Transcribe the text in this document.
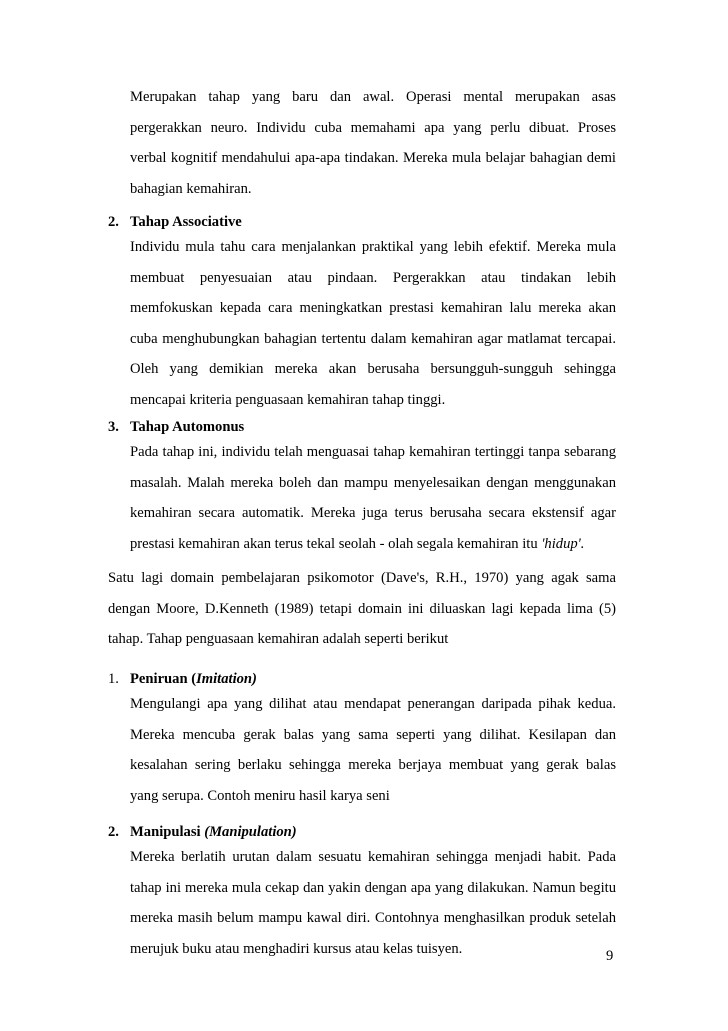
Merupakan tahap yang baru dan awal. Operasi mental merupakan asas
pergerakkan neuro. Individu cuba memahami apa yang perlu dibuat. Proses
verbal kognitif mendahului apa-apa tindakan. Mereka mula belajar bahagian demi
bahagian kemahiran.
2. Tahap Associative
Individu mula tahu cara menjalankan praktikal yang lebih efektif. Mereka mula
membuat penyesuaian atau pindaan. Pergerakkan atau tindakan lebih
memfokuskan kepada cara meningkatkan prestasi kemahiran lalu mereka akan
cuba menghubungkan bahagian tertentu dalam kemahiran agar matlamat tercapai.
Oleh yang demikian mereka akan berusaha bersungguh-sungguh sehingga
mencapai kriteria penguasaan kemahiran tahap tinggi.
3. Tahap Automonus
Pada tahap ini, individu telah menguasai tahap kemahiran tertinggi tanpa sebarang
masalah. Malah mereka boleh dan mampu menyelesaikan dengan menggunakan
kemahiran secara automatik. Mereka juga terus berusaha secara ekstensif agar
prestasi kemahiran akan terus tekal seolah - olah segala kemahiran itu 'hidup'.
Satu lagi domain pembelajaran psikomotor (Dave's, R.H., 1970) yang agak sama
dengan Moore, D.Kenneth (1989) tetapi domain ini diluaskan lagi kepada lima (5)
tahap. Tahap penguasaan kemahiran adalah seperti berikut
1. Peniruan (Imitation)
Mengulangi apa yang dilihat atau mendapat penerangan daripada pihak kedua.
Mereka mencuba gerak balas yang sama seperti yang dilihat. Kesilapan dan
kesalahan sering berlaku sehingga mereka berjaya membuat yang gerak balas
yang serupa. Contoh meniru hasil karya seni
2. Manipulasi (Manipulation)
Mereka berlatih urutan dalam sesuatu kemahiran sehingga menjadi habit. Pada
tahap ini mereka mula cekap dan yakin dengan apa yang dilakukan. Namun begitu
mereka masih belum mampu kawal diri. Contohnya menghasilkan produk setelah
merujuk buku atau menghadiri kursus atau kelas tuisyen.	9
